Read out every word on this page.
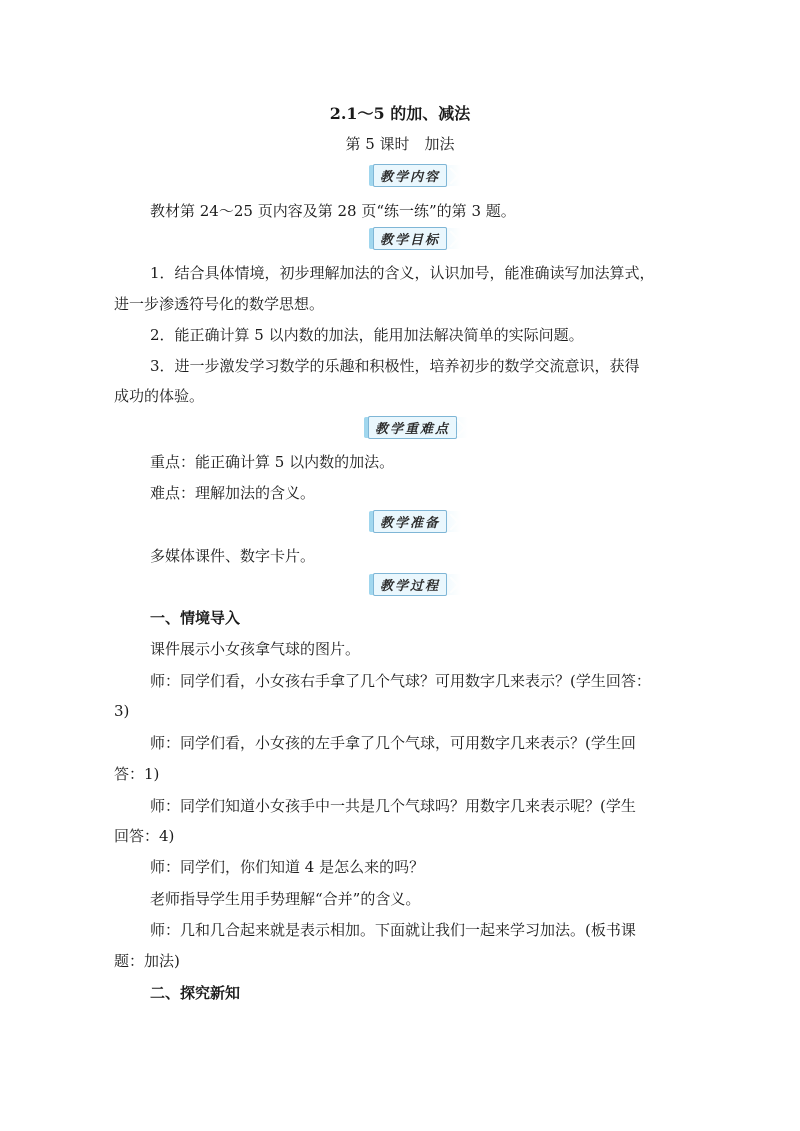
2.1～5 的加、减法
第 5 课时　加法
教学内容
教材第 24～25 页内容及第 28 页“练一练”的第 3 题。
教学目标
1．结合具体情境，初步理解加法的含义，认识加号，能准确读写加法算式，
进一步渗透符号化的数学思想。
2．能正确计算 5 以内数的加法，能用加法解决简单的实际问题。
3．进一步激发学习数学的乐趣和积极性，培养初步的数学交流意识，获得
成功的体验。
教学重难点
重点：能正确计算 5 以内数的加法。
难点：理解加法的含义。
教学准备
多媒体课件、数字卡片。
教学过程
一、情境导入
课件展示小女孩拿气球的图片。
师：同学们看，小女孩右手拿了几个气球？可用数字几来表示？(学生回答：
3)
师：同学们看，小女孩的左手拿了几个气球，可用数字几来表示？(学生回
答：1)
师：同学们知道小女孩手中一共是几个气球吗？用数字几来表示呢？(学生
回答：4)
师：同学们，你们知道 4 是怎么来的吗？
老师指导学生用手势理解“合并”的含义。
师：几和几合起来就是表示相加。下面就让我们一起来学习加法。(板书课
题：加法)
二、探究新知
